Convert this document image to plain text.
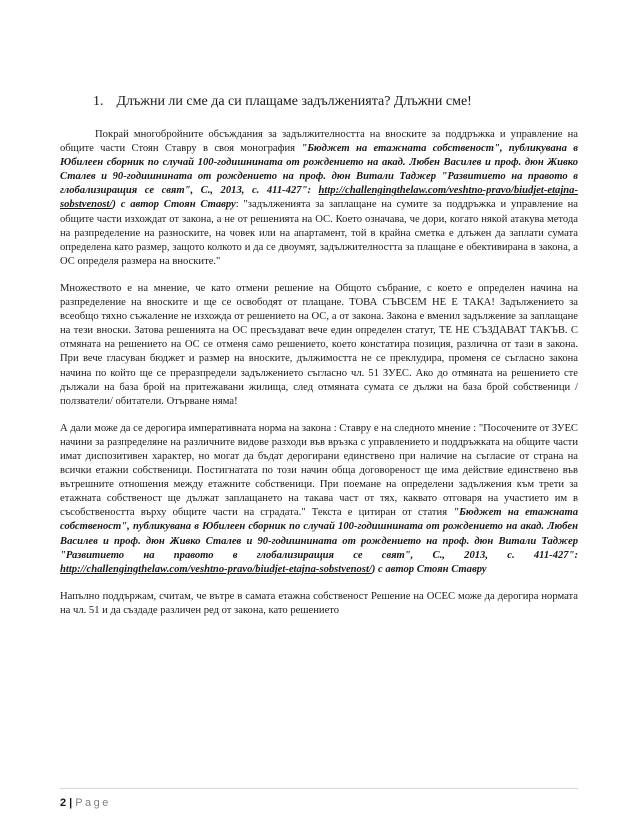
1. Длъжни ли сме да си плащаме задълженията? Длъжни сме!

Покрай многобройните обсъждания за задължителността на вноските за поддръжка и управление на общите части Стоян Ставру в своя монография "Бюджет на етажната собственост", публикувана в Юбилеен сборник по случай 100-годишнината от рождението на акад. Любен Василев и проф. дюн Живко Сталев и 90-годишнината от рождението на проф. дюн Витали Таджер "Развитието на правото в глобализиращия се свят", С., 2013, с. 411-427": http://challengingthelaw.com/veshtno-pravo/biudjet-etajna-sobstvenost/) с автор Стоян Ставру: "задълженията за заплащане на сумите за поддръжка и управление на общите части изхождат от закона, а не от решенията на ОС. Което означава, че дори, когато някой атакува метода на разпределение на разноските, на човек или на апартамент, той в крайна сметка е длъжен да заплати сумата определена като размер, защото колкото и да се двоумят, задължителността за плащане е обективирана в закона, а ОС определя размера на вноските."

Множеството е на мнение, че като отмени решение на Общото събрание, с което е определен начина на разпределение на вноските и ще се освободят от плащане. ТОВА СЪВСЕМ НЕ Е ТАКА! Задължението за всеобщо тяхно съжаление не изхожда от решението на ОС, а от закона. Закона е вменил задължение за заплащане на тези вноски. Затова решенията на ОС пресъздават вече един определен статут, ТЕ НЕ СЪЗДАВАТ ТАКЪВ. С отмяната на решението на ОС се отменя само решението, което констатира позиция, различна от тази в закона. При вече гласуван бюджет и размер на вноските, дължимостта не се преклудира, променя се съгласно закона начина по който ще се преразпредели задължението съгласно чл. 51 ЗУЕС. Ако до отмяната на решението сте дължали на база брой на притежавани жилища, след отмяната сумата се дължи на база брой собственици /ползватели/ обитатели. Отърване няма!

А дали може да се дерогира императивната норма на закона : Ставру е на следното мнение : "Посочените от ЗУЕС начини за разпределяне на различните видове разходи във връзка с управлението и поддръжката на общите части имат диспозитивен характер, но могат да бъдат дерогирани единствено при наличие на съгласие от страна на всички етажни собственици. Постигнатата по този начин обща договореност ще има действие единствено във вътрешните отношения между етажните собственици. При поемане на определени задължения към трети за етажната собственост ще дължат заплащането на такава част от тях, каквато отговаря на участието им в съсобствеността върху общите части на сградата." Текста е цитиран от статия "Бюджет на етажната собственост", публикувана в Юбилеен сборник по случай 100-годишнината от рождението на акад. Любен Василев и проф. дюн Живко Сталев и 90-годишнината от рождението на проф. дюн Витали Таджер "Развитието на правото в глобализиращия се свят", С., 2013, с. 411-427": http://challengingthelaw.com/veshtno-pravo/biudjet-etajna-sobstvenost/) с автор Стоян Ставру

Напълно поддържам, считам, че вътре в самата етажна собственост Решение на ОСЕС може да дерогира нормата на чл. 51 и да създаде различен ред от закона, като решението

2 | Page
